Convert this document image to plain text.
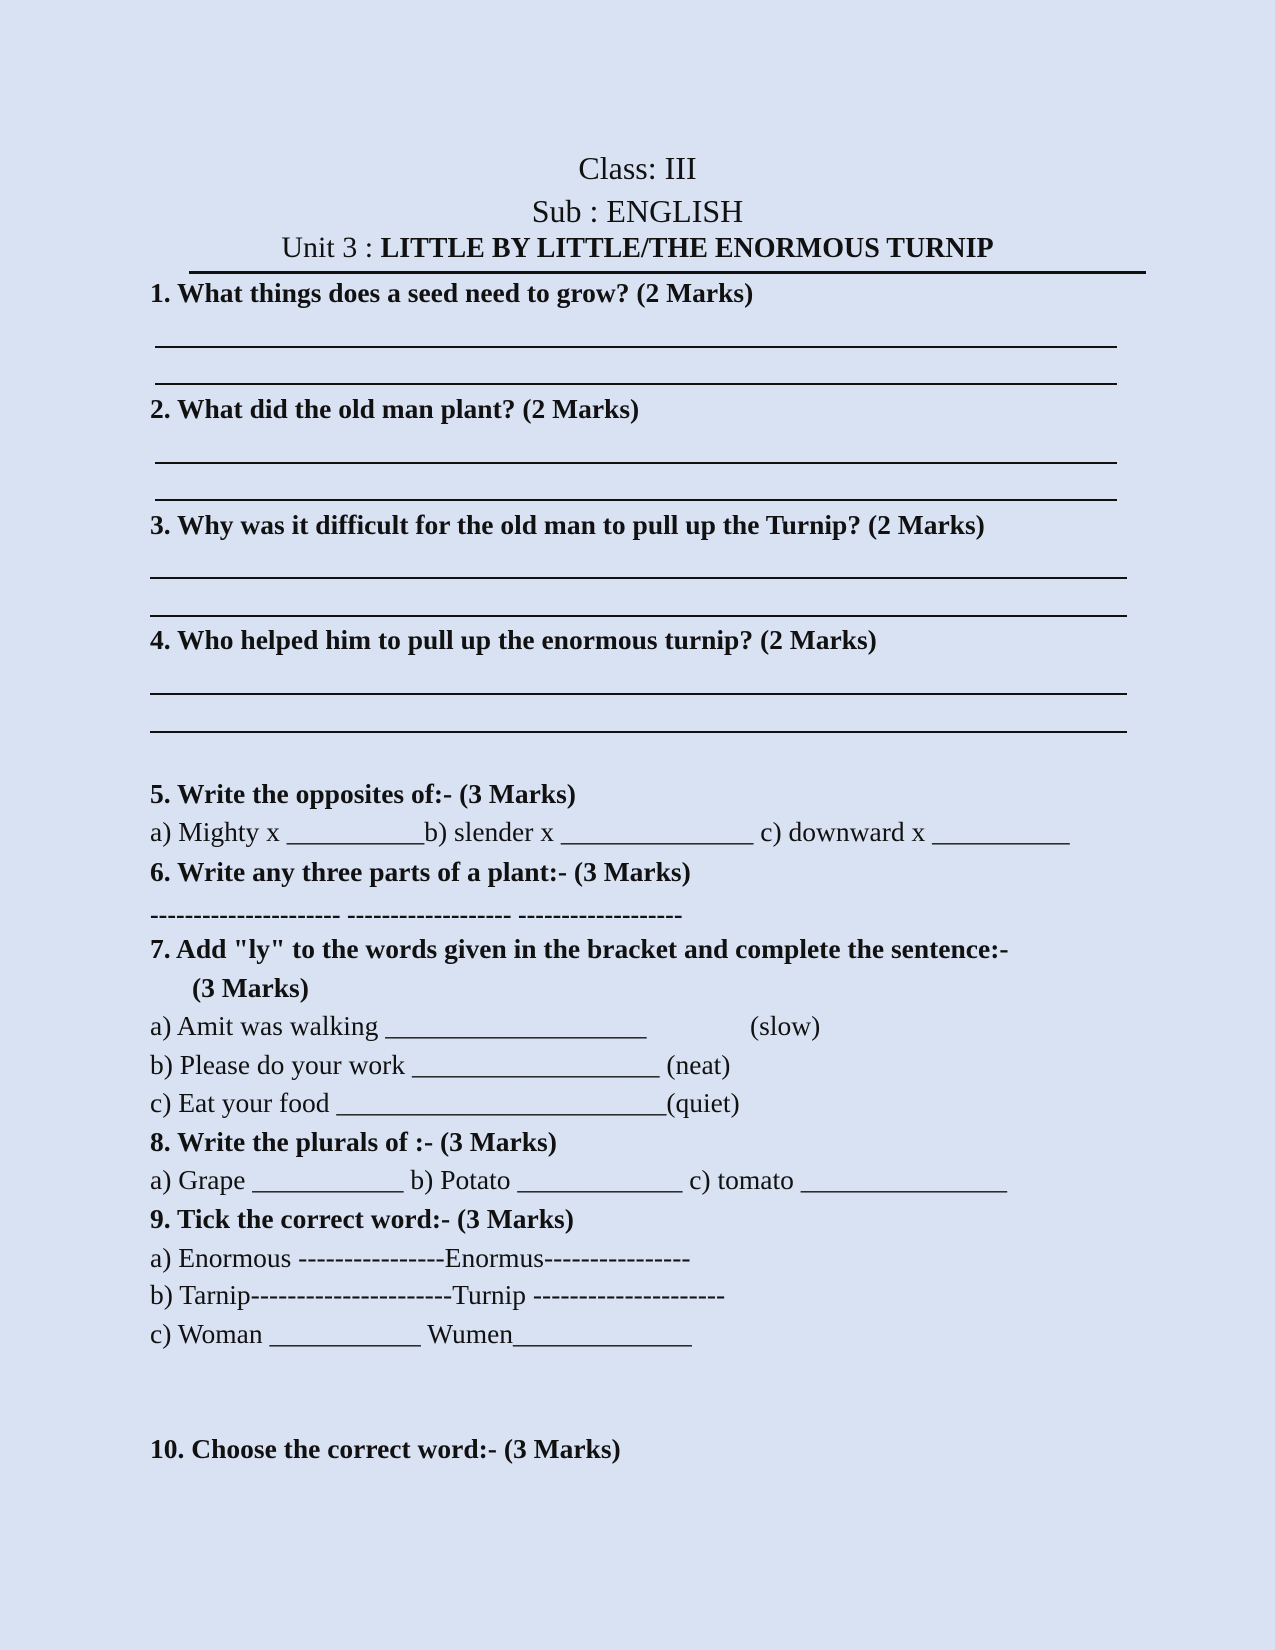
Class: III
Sub : ENGLISH
Unit 3 : LITTLE BY LITTLE/THE ENORMOUS TURNIP
1. What things does a seed need to grow? (2 Marks)
2. What did the old man plant? (2 Marks)
3. Why was it difficult for the old man to pull up the Turnip? (2 Marks)
4. Who helped him to pull up the enormous turnip? (2 Marks)
5. Write the opposites of:- (3 Marks)
a) Mighty x __________b) slender x ______________ c) downward x __________
6. Write any three parts of a plant:- (3 Marks)
---------------------- ------------------- -------------------
7. Add "ly" to the words given in the bracket and complete the sentence:-
(3 Marks)
a) Amit was walking ___________________	(slow)
b) Please do your work __________________ (neat)
c) Eat your food ________________________(quiet)
8. Write the plurals of :- (3 Marks)
a) Grape ___________ b) Potato ____________ c) tomato _______________
9. Tick the correct word:- (3 Marks)
a) Enormous ----------------Enormus----------------
b) Tarnip----------------------Turnip ---------------------
c) Woman ___________ Wumen_____________
10. Choose the correct word:- (3 Marks)
